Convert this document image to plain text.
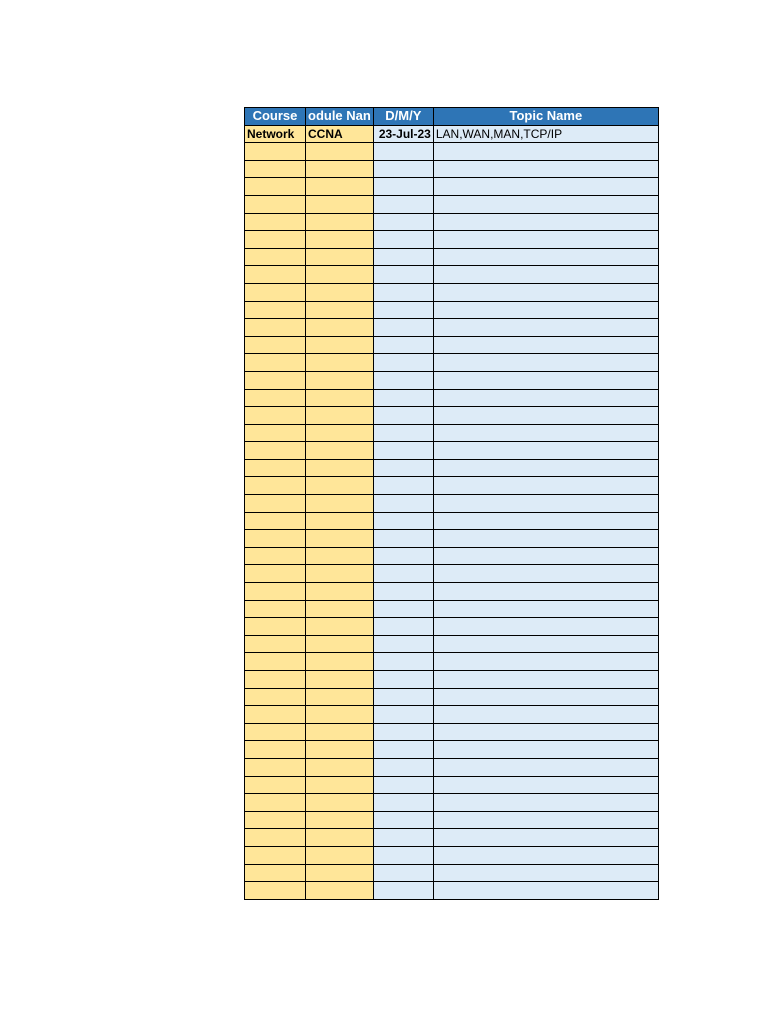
Course	odule Nan	D/M/Y	Topic Name
Network	CCNA	23-Jul-23	LAN,WAN,MAN,TCP/IP
